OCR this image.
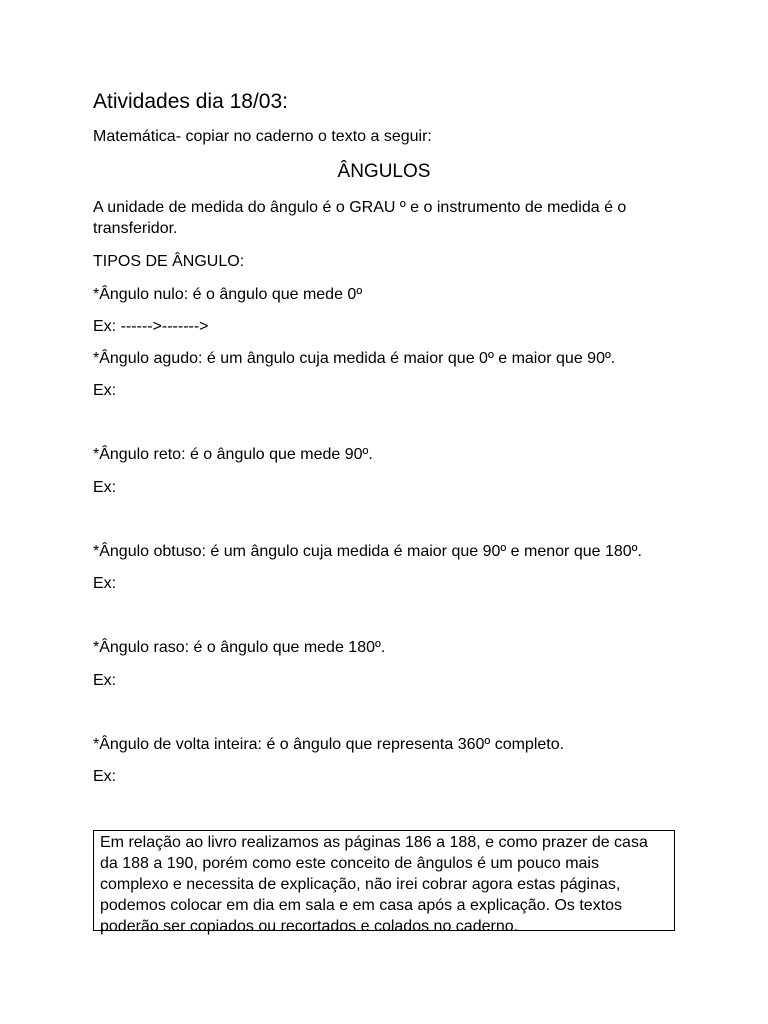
Atividades dia 18/03:
Matemática- copiar no caderno o texto a seguir:
ÂNGULOS
A unidade de medida do ângulo é o GRAU º e o instrumento de medida é o transferidor.
TIPOS DE ÂNGULO:
*Ângulo nulo: é o ângulo que mede 0º
Ex: ------>------->
*Ângulo agudo: é um ângulo cuja medida é maior que 0º e maior que 90º.
Ex:
*Ângulo reto: é o ângulo que mede 90º.
Ex:
*Ângulo obtuso: é um ângulo cuja medida é maior que 90º e menor que 180º.
Ex:
*Ângulo raso: é o ângulo que mede 180º.
Ex:
*Ângulo de volta inteira: é o ângulo que representa 360º completo.
Ex:
Em relação ao livro realizamos as páginas 186 a 188, e como prazer de casa da 188 a 190, porém como este conceito de ângulos é um pouco mais complexo e necessita de explicação, não irei cobrar agora estas páginas, podemos colocar em dia em sala e em casa após a explicação. Os textos poderão ser copiados ou recortados e colados no caderno.
